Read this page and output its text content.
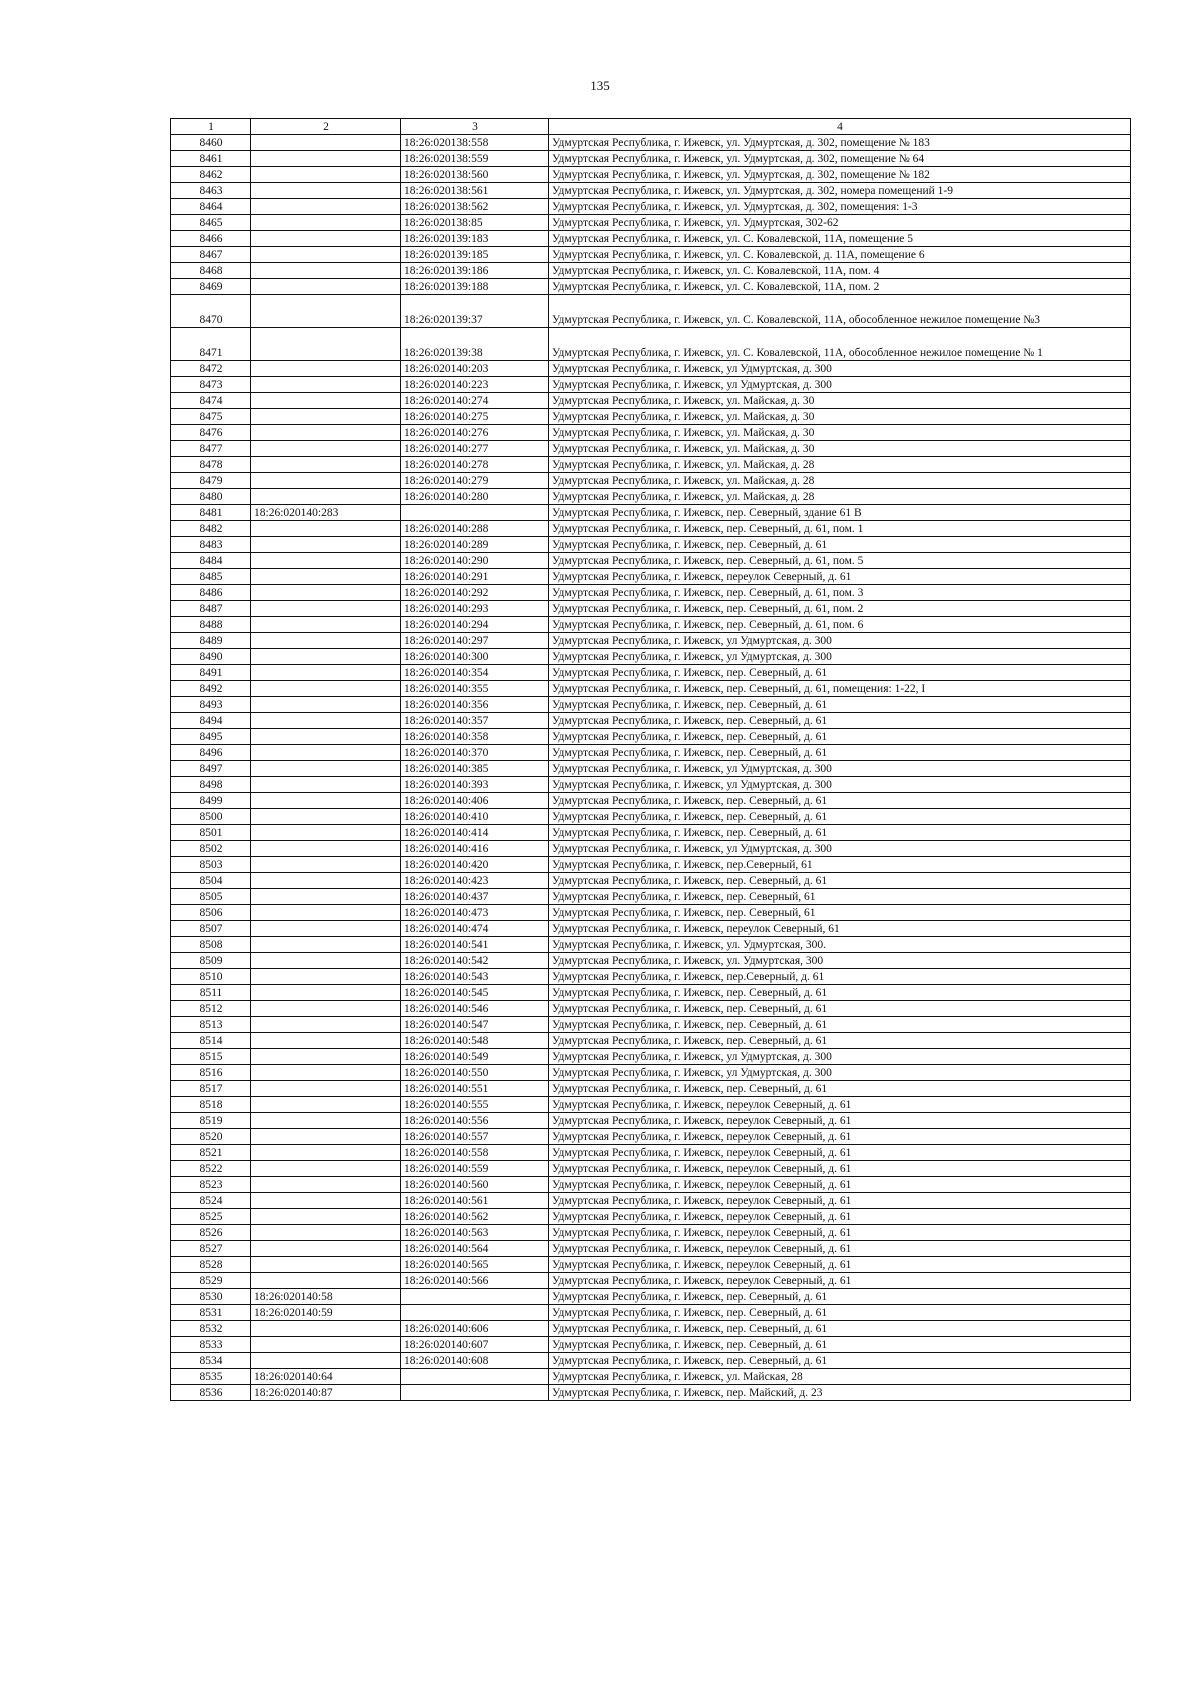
135
1	2	3	4
8460		18:26:020138:558	Удмуртская Республика, г. Ижевск, ул. Удмуртская, д. 302, помещение № 183
8461		18:26:020138:559	Удмуртская Республика, г. Ижевск, ул. Удмуртская, д. 302, помещение № 64
8462		18:26:020138:560	Удмуртская Республика, г. Ижевск, ул. Удмуртская, д. 302, помещение № 182
8463		18:26:020138:561	Удмуртская Республика, г. Ижевск, ул. Удмуртская, д. 302, номера помещений 1-9
8464		18:26:020138:562	Удмуртская Республика, г. Ижевск, ул. Удмуртская, д. 302, помещения: 1-3
8465		18:26:020138:85	Удмуртская Республика, г. Ижевск, ул. Удмуртская, 302-62
8466		18:26:020139:183	Удмуртская Республика, г. Ижевск, ул. С. Ковалевской, 11А, помещение 5
8467		18:26:020139:185	Удмуртская Республика, г. Ижевск, ул. С. Ковалевской, д. 11А, помещение 6
8468		18:26:020139:186	Удмуртская Республика, г. Ижевск, ул. С. Ковалевской, 11А, пом. 4
8469		18:26:020139:188	Удмуртская Республика, г. Ижевск, ул. С. Ковалевской, 11А, пом. 2
8470		18:26:020139:37	Удмуртская Республика, г. Ижевск, ул. С. Ковалевской, 11А, обособленное нежилое помещение №3
8471		18:26:020139:38	Удмуртская Республика, г. Ижевск, ул. С. Ковалевской, 11А, обособленное нежилое помещение № 1
8472		18:26:020140:203	Удмуртская Республика, г. Ижевск, ул Удмуртская, д. 300
8473		18:26:020140:223	Удмуртская Республика, г. Ижевск, ул Удмуртская, д. 300
8474		18:26:020140:274	Удмуртская Республика, г. Ижевск, ул. Майская, д. 30
8475		18:26:020140:275	Удмуртская Республика, г. Ижевск, ул. Майская, д. 30
8476		18:26:020140:276	Удмуртская Республика, г. Ижевск, ул. Майская, д. 30
8477		18:26:020140:277	Удмуртская Республика, г. Ижевск, ул. Майская, д. 30
8478		18:26:020140:278	Удмуртская Республика, г. Ижевск, ул. Майская, д. 28
8479		18:26:020140:279	Удмуртская Республика, г. Ижевск, ул. Майская, д. 28
8480		18:26:020140:280	Удмуртская Республика, г. Ижевск, ул. Майская, д. 28
8481	18:26:020140:283		Удмуртская Республика, г. Ижевск, пер. Северный, здание 61 В
8482		18:26:020140:288	Удмуртская Республика, г. Ижевск, пер. Северный, д. 61, пом. 1
8483		18:26:020140:289	Удмуртская Республика, г. Ижевск, пер. Северный, д. 61
8484		18:26:020140:290	Удмуртская Республика, г. Ижевск, пер. Северный, д. 61, пом. 5
8485		18:26:020140:291	Удмуртская Республика, г. Ижевск, переулок Северный, д. 61
8486		18:26:020140:292	Удмуртская Республика, г. Ижевск, пер. Северный, д. 61, пом. 3
8487		18:26:020140:293	Удмуртская Республика, г. Ижевск, пер. Северный, д. 61, пом. 2
8488		18:26:020140:294	Удмуртская Республика, г. Ижевск, пер. Северный, д. 61, пом. 6
8489		18:26:020140:297	Удмуртская Республика, г. Ижевск, ул Удмуртская, д. 300
8490		18:26:020140:300	Удмуртская Республика, г. Ижевск, ул Удмуртская, д. 300
8491		18:26:020140:354	Удмуртская Республика, г. Ижевск, пер. Северный, д. 61
8492		18:26:020140:355	Удмуртская Республика, г. Ижевск, пер. Северный, д. 61, помещения: 1-22, I
8493		18:26:020140:356	Удмуртская Республика, г. Ижевск, пер. Северный, д. 61
8494		18:26:020140:357	Удмуртская Республика, г. Ижевск, пер. Северный, д. 61
8495		18:26:020140:358	Удмуртская Республика, г. Ижевск, пер. Северный, д. 61
8496		18:26:020140:370	Удмуртская Республика, г. Ижевск, пер. Северный, д. 61
8497		18:26:020140:385	Удмуртская Республика, г. Ижевск, ул Удмуртская, д. 300
8498		18:26:020140:393	Удмуртская Республика, г. Ижевск, ул Удмуртская, д. 300
8499		18:26:020140:406	Удмуртская Республика, г. Ижевск, пер. Северный, д. 61
8500		18:26:020140:410	Удмуртская Республика, г. Ижевск, пер. Северный, д. 61
8501		18:26:020140:414	Удмуртская Республика, г. Ижевск, пер. Северный, д. 61
8502		18:26:020140:416	Удмуртская Республика, г. Ижевск, ул Удмуртская, д. 300
8503		18:26:020140:420	Удмуртская Республика, г. Ижевск, пер.Северный, 61
8504		18:26:020140:423	Удмуртская Республика, г. Ижевск, пер. Северный, д. 61
8505		18:26:020140:437	Удмуртская Республика, г. Ижевск, пер. Северный, 61
8506		18:26:020140:473	Удмуртская Республика, г. Ижевск, пер. Северный, 61
8507		18:26:020140:474	Удмуртская Республика, г. Ижевск, переулок Северный, 61
8508		18:26:020140:541	Удмуртская Республика, г. Ижевск, ул. Удмуртская, 300.
8509		18:26:020140:542	Удмуртская Республика, г. Ижевск, ул. Удмуртская, 300
8510		18:26:020140:543	Удмуртская Республика, г. Ижевск, пер.Северный, д. 61
8511		18:26:020140:545	Удмуртская Республика, г. Ижевск, пер. Северный, д. 61
8512		18:26:020140:546	Удмуртская Республика, г. Ижевск, пер. Северный, д. 61
8513		18:26:020140:547	Удмуртская Республика, г. Ижевск, пер. Северный, д. 61
8514		18:26:020140:548	Удмуртская Республика, г. Ижевск, пер. Северный, д. 61
8515		18:26:020140:549	Удмуртская Республика, г. Ижевск, ул Удмуртская, д. 300
8516		18:26:020140:550	Удмуртская Республика, г. Ижевск, ул Удмуртская, д. 300
8517		18:26:020140:551	Удмуртская Республика, г. Ижевск, пер. Северный, д. 61
8518		18:26:020140:555	Удмуртская Республика, г. Ижевск, переулок Северный, д. 61
8519		18:26:020140:556	Удмуртская Республика, г. Ижевск, переулок Северный, д. 61
8520		18:26:020140:557	Удмуртская Республика, г. Ижевск, переулок Северный, д. 61
8521		18:26:020140:558	Удмуртская Республика, г. Ижевск, переулок Северный, д. 61
8522		18:26:020140:559	Удмуртская Республика, г. Ижевск, переулок Северный, д. 61
8523		18:26:020140:560	Удмуртская Республика, г. Ижевск, переулок Северный, д. 61
8524		18:26:020140:561	Удмуртская Республика, г. Ижевск, переулок Северный, д. 61
8525		18:26:020140:562	Удмуртская Республика, г. Ижевск, переулок Северный, д. 61
8526		18:26:020140:563	Удмуртская Республика, г. Ижевск, переулок Северный, д. 61
8527		18:26:020140:564	Удмуртская Республика, г. Ижевск, переулок Северный, д. 61
8528		18:26:020140:565	Удмуртская Республика, г. Ижевск, переулок Северный, д. 61
8529		18:26:020140:566	Удмуртская Республика, г. Ижевск, переулок Северный, д. 61
8530	18:26:020140:58		Удмуртская Республика, г. Ижевск, пер. Северный, д. 61
8531	18:26:020140:59		Удмуртская Республика, г. Ижевск, пер. Северный, д. 61
8532		18:26:020140:606	Удмуртская Республика, г. Ижевск, пер. Северный, д. 61
8533		18:26:020140:607	Удмуртская Республика, г. Ижевск, пер. Северный, д. 61
8534		18:26:020140:608	Удмуртская Республика, г. Ижевск, пер. Северный, д. 61
8535	18:26:020140:64		Удмуртская Республика, г. Ижевск, ул. Майская, 28
8536	18:26:020140:87		Удмуртская Республика, г. Ижевск, пер. Майский, д. 23
